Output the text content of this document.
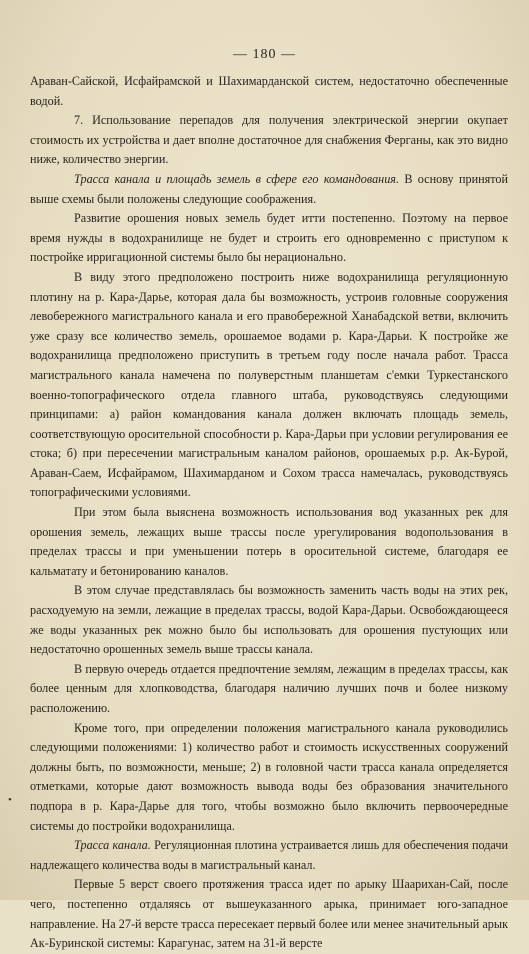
— 180 —

Араван-Сайской, Исфайрамской и Шахимарданской систем, недостаточно обеспеченные водой.

7. Использование перепадов для получения электрической энергии окупает стоимость их устройства и дает вполне достаточное для снабжения Ферганы, как это видно ниже, количество энергии.

Трасса канала и площадь земель в сфере его командования. В основу принятой выше схемы были положены следующие соображения.

Развитие орошения новых земель будет итти постепенно. Поэтому на первое время нужды в водохранилище не будет и строить его одновременно с приступом к постройке ирригационной системы было бы нерационально.

В виду этого предположено построить ниже водохранилища регуляционную плотину на р. Кара-Дарье, которая дала бы возможность, устроив головные сооружения левобережного магистрального канала и его правобережной Ханабадской ветви, включить уже сразу все количество земель, орошаемое водами р. Кара-Дарьи. К постройке же водохранилища предположено приступить в третьем году после начала работ. Трасса магистрального канала намечена по полуверстным планшетам с'емки Туркестанского военно-топографического отдела главного штаба, руководствуясь следующими принципами: а) район командования канала должен включать площадь земель, соответствующую оросительной способности р. Кара-Дарьи при условии регулирования ее стока; б) при пересечении магистральным каналом районов, орошаемых р.р. Ак-Бурой, Араван-Саем, Исфайрамом, Шахимарданом и Сохом трасса намечалась, руководствуясь топографическими условиями.

При этом была выяснена возможность использования вод указанных рек для орошения земель, лежащих выше трассы после урегулирования водопользования в пределах трассы и при уменьшении потерь в оросительной системе, благодаря ее кальматату и бетонированию каналов.

В этом случае представлялась бы возможность заменить часть воды на этих рек, расходуемую на земли, лежащие в пределах трассы, водой Кара-Дарьи. Освобождающееся же воды указанных рек можно было бы использовать для орошения пустующих или недостаточно орошенных земель выше трассы канала.

В первую очередь отдается предпочтение землям, лежащим в пределах трассы, как более ценным для хлопководства, благодаря наличию лучших почв и более низкому расположению.

Кроме того, при определении положения магистрального канала руководились следующими положениями: 1) количество работ и стоимость искусственных сооружений должны быть, по возможности, меньше; 2) в головной части трасса канала определяется отметками, которые дают возможность вывода воды без образования значительного подпора в р. Кара-Дарье для того, чтобы возможно было включить первоочередные системы до постройки водохранилища.

Трасса канала. Регуляционная плотина устраивается лишь для обеспечения подачи надлежащего количества воды в магистральный канал.

Первые 5 верст своего протяжения трасса идет по арыку Шаарихан-Сай, после чего, постепенно отдаляясь от вышеуказанного арыка, принимает юго-западное направление. На 27-й версте трасса пересекает первый более или менее значительный арык Ак-Буринской системы: Карагунас, затем на 31-й версте

•
